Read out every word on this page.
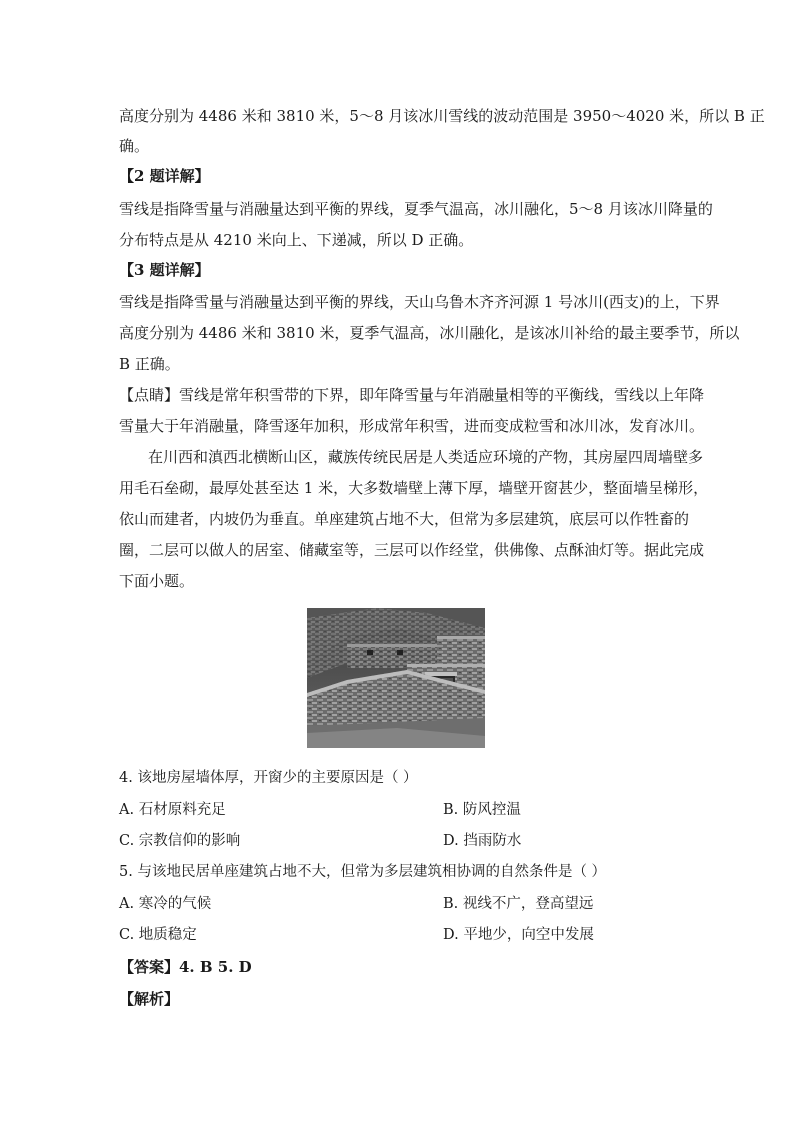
高度分别为 4486 米和 3810 米，5～8 月该冰川雪线的波动范围是 3950～4020 米，所以 B 正
确。
【2 题详解】
雪线是指降雪量与消融量达到平衡的界线，夏季气温高，冰川融化，5～8 月该冰川降量的
分布特点是从 4210 米向上、下递减，所以 D 正确。
【3 题详解】
雪线是指降雪量与消融量达到平衡的界线，天山乌鲁木齐齐河源 1 号冰川(西支)的上，下界
高度分别为 4486 米和 3810 米，夏季气温高，冰川融化，是该冰川补给的最主要季节，所以
B 正确。
【点睛】雪线是常年积雪带的下界，即年降雪量与年消融量相等的平衡线，雪线以上年降
雪量大于年消融量，降雪逐年加积，形成常年积雪，进而变成粒雪和冰川冰，发育冰川。
在川西和滇西北横断山区，藏族传统民居是人类适应环境的产物，其房屋四周墙壁多
用毛石垒砌，最厚处甚至达 1 米，大多数墙壁上薄下厚，墙壁开窗甚少，整面墙呈梯形，
依山而建者，内坡仍为垂直。单座建筑占地不大，但常为多层建筑，底层可以作牲畜的
圈，二层可以做人的居室、储藏室等，三层可以作经堂，供佛像、点酥油灯等。据此完成
下面小题。
4. 该地房屋墙体厚，开窗少的主要原因是（ ）
A. 石材原料充足	B. 防风控温
C. 宗教信仰的影响	D. 挡雨防水
5. 与该地民居单座建筑占地不大，但常为多层建筑相协调的自然条件是（ ）
A. 寒冷的气候	B. 视线不广，登高望远
C. 地质稳定	D. 平地少，向空中发展
【答案】4. B 5. D
【解析】
